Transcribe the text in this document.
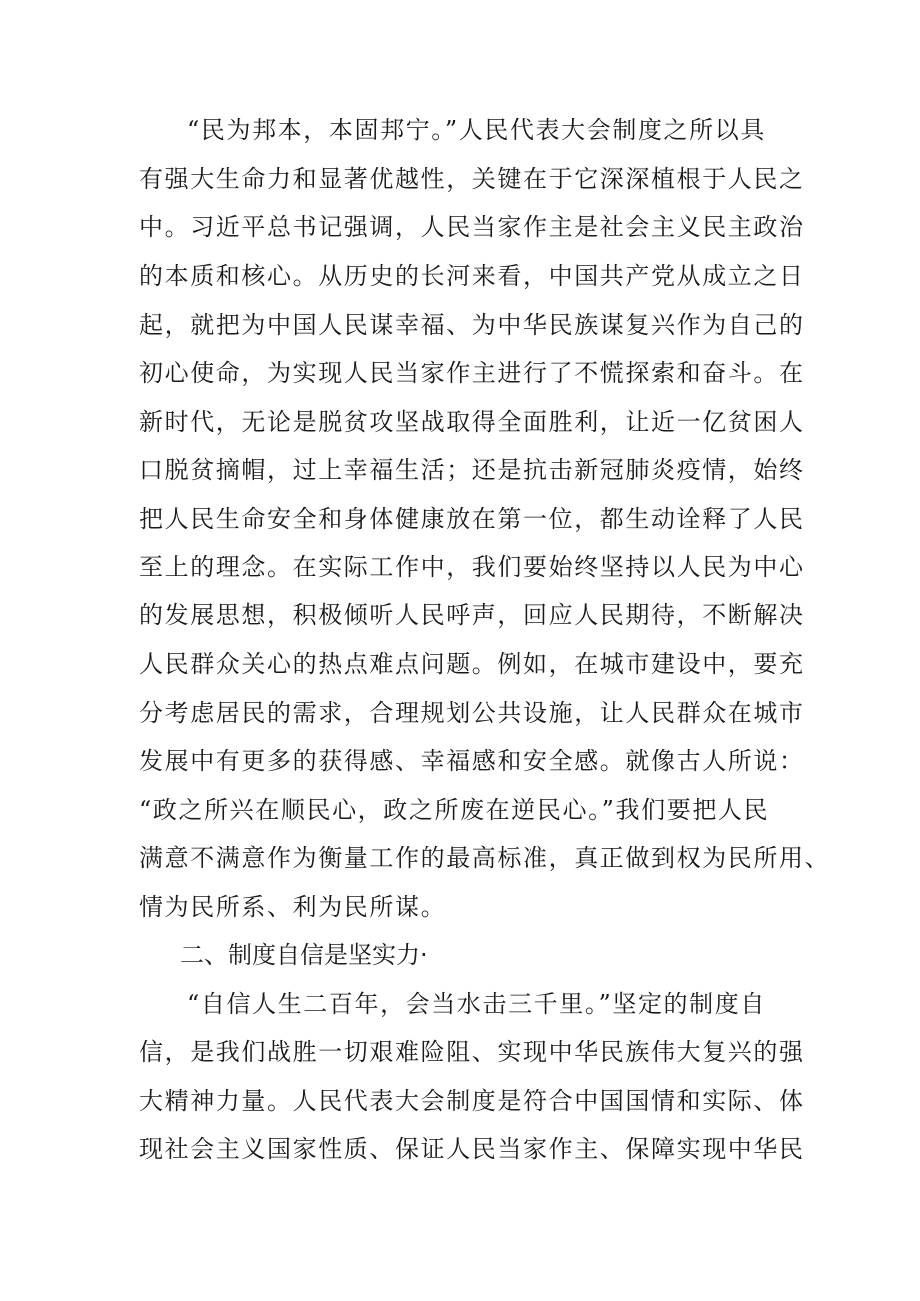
“民为邦本，本固邦宁。”人民代表大会制度之所以具

有强大生命力和显著优越性，关键在于它深深植根于人民之

中。习近平总书记强调，人民当家作主是社会主义民主政治

的本质和核心。从历史的长河来看，中国共产党从成立之日

起，就把为中国人民谋幸福、为中华民族谋复兴作为自己的

初心使命，为实现人民当家作主进行了不慌探索和奋斗。在

新时代，无论是脱贫攻坚战取得全面胜利，让近一亿贫困人

口脱贫摘帽，过上幸福生活；还是抗击新冠肺炎疫情，始终

把人民生命安全和身体健康放在第一位，都生动诠释了人民

至上的理念。在实际工作中，我们要始终坚持以人民为中心

的发展思想，积极倾听人民呼声，回应人民期待，不断解决

人民群众关心的热点难点问题。例如，在城市建设中，要充

分考虑居民的需求，合理规划公共设施，让人民群众在城市

发展中有更多的获得感、幸福感和安全感。就像古人所说：

“政之所兴在顺民心，政之所废在逆民心。”我们要把人民

满意不满意作为衡量工作的最高标准，真正做到权为民所用、

情为民所系、利为民所谋。

二、制度自信是坚实力·

“自信人生二百年，会当水击三千里。”坚定的制度自

信，是我们战胜一切艰难险阻、实现中华民族伟大复兴的强

大精神力量。人民代表大会制度是符合中国国情和实际、体

现社会主义国家性质、保证人民当家作主、保障实现中华民
